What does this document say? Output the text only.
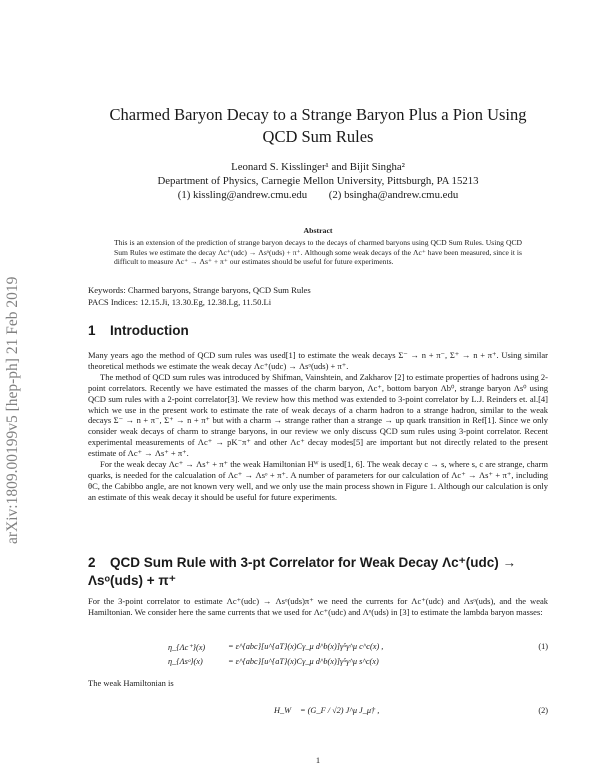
arXiv:1809.00199v5 [hep-ph] 21 Feb 2019
Charmed Baryon Decay to a Strange Baryon Plus a Pion Using
QCD Sum Rules
Leonard S. Kisslinger¹ and Bijit Singha²
Department of Physics, Carnegie Mellon University, Pittsburgh, PA 15213
(1) kissling@andrew.cmu.edu        (2) bsingha@andrew.cmu.edu
Abstract
This is an extension of the prediction of strange baryon decays to the decays of charmed baryons using QCD Sum Rules. Using QCD Sum Rules we estimate the decay Λc⁺(udc) → Λsᵒ(uds) + π⁺. Although some weak decays of the Λc⁺ have been measured, since it is difficult to measure Λc⁺ → Λs⁺ + π⁺ our estimates should be useful for future experiments.
Keywords: Charmed baryons, Strange baryons, QCD Sum Rules
PACS Indices: 12.15.Ji, 13.30.Eg, 12.38.Lg, 11.50.Li
1 Introduction

Many years ago the method of QCD sum rules was used[1] to estimate the weak decays Σ⁻ → n + π⁻, Σ⁺ → n + π⁺. Using similar theoretical methods we estimate the weak decay Λc⁺(udc) → Λsᵒ(uds) + π⁺.

The method of QCD sum rules was introduced by Shifman, Vainshtein, and Zakharov [2] to estimate properties of hadrons using 2-point correlators. Recently we have estimated the masses of the charm baryon, Λc⁺, bottom baryon Λb⁰, strange baryon Λs⁰ using QCD sum rules with a 2-point correlator[3]. We review how this method was extended to 3-point correlator by L.J. Reinders et. al.[4] which we use in the present work to estimate the rate of weak decays of a charm hadron to a strange hadron, similar to the weak decays Σ⁻ → n + π⁻, Σ⁺ → n + π⁺ but with a charm → strange rather than a strange → up quark transition in Ref[1]. Since we only consider weak decays of charm to strange baryons, in our review we only discuss QCD sum rules using 3-point correlator. Recent experimental measurements of Λc⁺ → pK⁻π⁺ and other Λc⁺ decay modes[5] are important but not directly related to the present estimate of Λc⁺ → Λs⁺ + π⁺.

For the weak decay Λc⁺ → Λs⁺ + π⁺ the weak Hamiltonian Hᵂ is used[1, 6]. The weak decay c → s, where s, c are strange, charm quarks, is needed for the calcualation of Λc⁺ → Λsᵒ + π⁺. A number of parameters for our calculation of Λc⁺ → Λs⁺ + π⁺, including θC, the Cabibbo angle, are not known very well, and we only use the main process shown in Figure 1. Although our calculation is only an estimate of this weak decay it should be useful for future experiments.

2 QCD Sum Rule with 3-pt Correlator for Weak Decay Λc⁺(udc) →
Λsᵒ(uds) + π⁺

For the 3-point correlator to estimate Λc⁺(udc) → Λsᵒ(uds)π⁺ we need the currents for Λc⁺(udc) and Λsᵒ(uds), and the weak Hamiltonian. We consider here the same currents that we used for Λc⁺(udc) and Λᵒ(uds) in [3] to estimate the lambda baryon masses:

η_{Λc⁺}(x)	= ε^{abc}[u^{aT}(x)Cγ_μ d^b(x)]γ⁵γ^μ c^c(x) ,
η_{Λsᵒ}(x)	= ε^{abc}[u^{aT}(x)Cγ_μ d^b(x)]γ⁵γ^μ s^c(x)
(1)

The weak Hamiltonian is

H_W = (G_F / √2) J^μ J_μ† ,	(2)
1
